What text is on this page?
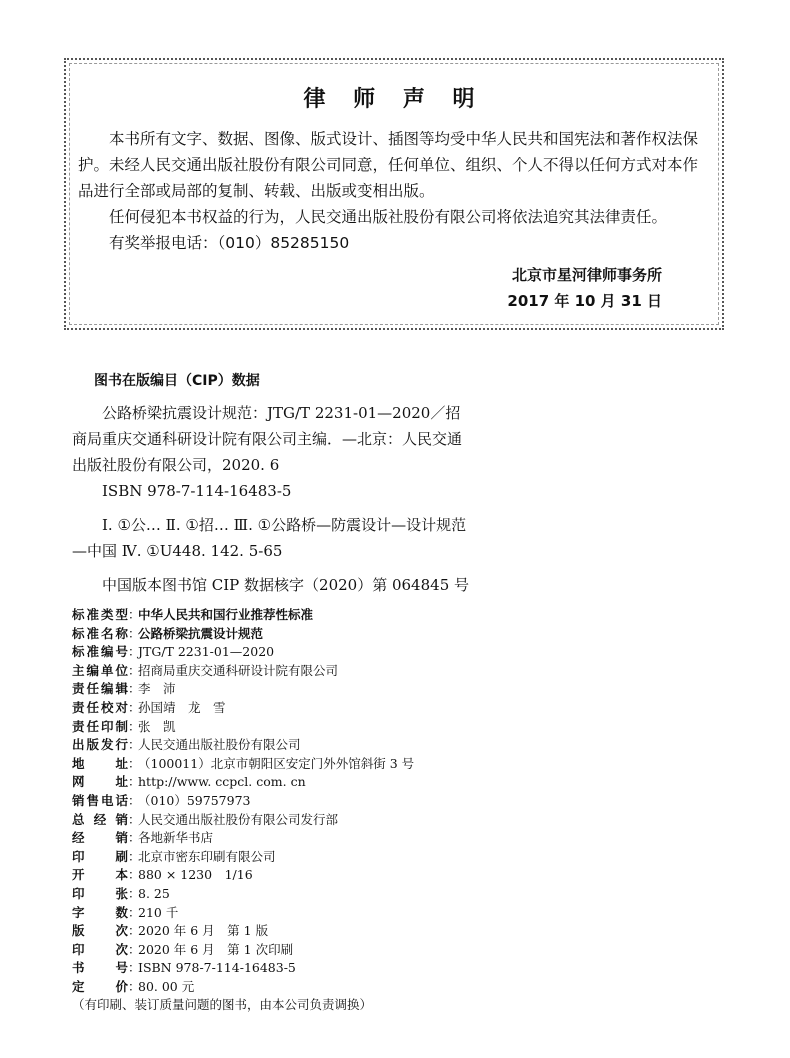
律 师 声 明

本书所有文字、数据、图像、版式设计、插图等均受中华人民共和国宪法和著作权法保护。未经人民交通出版社股份有限公司同意，任何单位、组织、个人不得以任何方式对本作品进行全部或局部的复制、转载、出版或变相出版。

任何侵犯本书权益的行为，人民交通出版社股份有限公司将依法追究其法律责任。

有奖举报电话：（010）85285150

北京市星河律师事务所
2017 年 10 月 31 日
图书在版编目（CIP）数据
公路桥梁抗震设计规范：JTG/T 2231-01—2020／招商局重庆交通科研设计院有限公司主编．—北京：人民交通出版社股份有限公司，2020. 6
ISBN 978-7-114-16483-5
Ⅰ. ①公… Ⅱ. ①招… Ⅲ. ①公路桥—防震设计—设计规范—中国 Ⅳ. ①U448. 142. 5-65
中国版本图书馆 CIP 数据核字（2020）第 064845 号
标准类型 ：
中华人民共和国行业推荐性标准
标准名称 ：
公路桥梁抗震设计规范
标准编号 ：
JTG/T 2231-01—2020
主编单位 ：
招商局重庆交通科研设计院有限公司
责任编辑 ：
李　沛
责任校对 ：
孙国靖　龙　雪
责任印制 ：
张　凯
出版发行 ：
人民交通出版社股份有限公司
地　　址 ：
（100011）北京市朝阳区安定门外外馆斜街 3 号
网　　址 ：
http://www. ccpcl. com. cn
销售电话 ：
（010）59757973
总 经 销 ：
人民交通出版社股份有限公司发行部
经　　销 ：
各地新华书店
印　　刷 ：
北京市密东印刷有限公司
开　　本 ：
880 × 1230　1/16
印　　张 ：
8. 25
字　　数 ：
210 千
版　　次 ：
2020 年 6 月　第 1 版
印　　次 ：
2020 年 6 月　第 1 次印刷
书　　号 ：
ISBN 978-7-114-16483-5
定　　价 ：
80. 00 元
（有印刷、装订质量问题的图书，由本公司负责调换）
